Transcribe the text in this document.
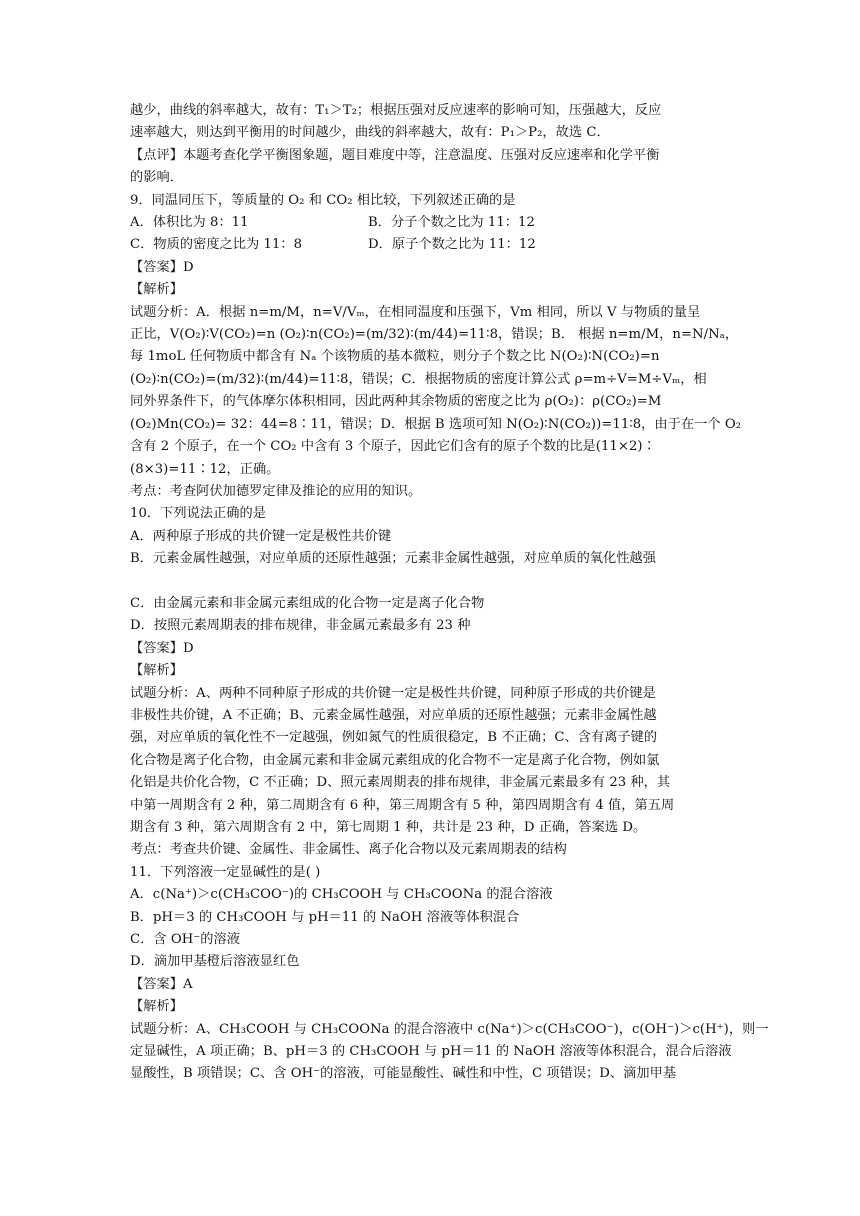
越少，曲线的斜率越大，故有：T₁＞T₂；根据压强对反应速率的影响可知，压强越大，反应
速率越大，则达到平衡用的时间越少，曲线的斜率越大，故有：P₁＞P₂，故选 C．
【点评】本题考查化学平衡图象题，题目难度中等，注意温度、压强对反应速率和化学平衡
的影响．
9．同温同压下，等质量的 O₂ 和 CO₂ 相比较，下列叙述正确的是
A．体积比为 8：11	B．分子个数之比为 11：12
C．物质的密度之比为 11：8	D．原子个数之比为 11：12
【答案】D
【解析】
试题分析：A．根据 n=m/M，n=V/Vₘ，在相同温度和压强下，Vm 相同，所以 V 与物质的量呈
正比，V(O₂)∶V(CO₂)=n (O₂)∶n(CO₂)=(m/32)∶(m/44)=11∶8，错误；B． 根据 n=m/M，n=N/Nₐ，
每 1moL 任何物质中都含有 Nₐ 个该物质的基本微粒，则分子个数之比 N(O₂)∶N(CO₂)=n
(O₂)∶n(CO₂)=(m/32)∶(m/44)=11∶8，错误；C．根据物质的密度计算公式 ρ=m÷V=M÷Vₘ，相
同外界条件下，的气体摩尔体积相同，因此两种其余物质的密度之比为 ρ(O₂)：ρ(CO₂)=M
(O₂)Mn(CO₂)= 32：44=8∶11，错误；D．根据 B 选项可知 N(O₂)∶N(CO₂))=11∶8，由于在一个 O₂
含有 2 个原子，在一个 CO₂ 中含有 3 个原子，因此它们含有的原子个数的比是(11×2)∶
(8×3)=11∶12，正确。
考点：考查阿伏加德罗定律及推论的应用的知识。
10．下列说法正确的是
A．两种原子形成的共价键一定是极性共价键
B．元素金属性越强，对应单质的还原性越强；元素非金属性越强，对应单质的氧化性越强
C．由金属元素和非金属元素组成的化合物一定是离子化合物
D．按照元素周期表的排布规律，非金属元素最多有 23 种
【答案】D
【解析】
试题分析：A、两种不同种原子形成的共价键一定是极性共价键，同种原子形成的共价键是
非极性共价键，A 不正确；B、元素金属性越强，对应单质的还原性越强；元素非金属性越
强，对应单质的氧化性不一定越强，例如氮气的性质很稳定，B 不正确；C、含有离子键的
化合物是离子化合物，由金属元素和非金属元素组成的化合物不一定是离子化合物，例如氯
化铝是共价化合物，C 不正确；D、照元素周期表的排布规律，非金属元素最多有 23 种，其
中第一周期含有 2 种，第二周期含有 6 种，第三周期含有 5 种，第四周期含有 4 值，第五周
期含有 3 种，第六周期含有 2 中，第七周期 1 种，共计是 23 种，D 正确，答案选 D。
考点：考查共价键、金属性、非金属性、离子化合物以及元素周期表的结构
11．下列溶液一定显碱性的是( )
A．c(Na⁺)＞c(CH₃COO⁻)的 CH₃COOH 与 CH₃COONa 的混合溶液
B．pH＝3 的 CH₃COOH 与 pH＝11 的 NaOH 溶液等体积混合
C．含 OH⁻的溶液
D．滴加甲基橙后溶液显红色
【答案】A
【解析】
试题分析：A、CH₃COOH 与 CH₃COONa 的混合溶液中 c(Na⁺)＞c(CH₃COO⁻)，c(OH⁻)＞c(H⁺)，则一
定显碱性，A 项正确；B、pH＝3 的 CH₃COOH 与 pH＝11 的 NaOH 溶液等体积混合，混合后溶液
显酸性，B 项错误；C、含 OH⁻的溶液，可能显酸性、碱性和中性，C 项错误；D、滴加甲基
